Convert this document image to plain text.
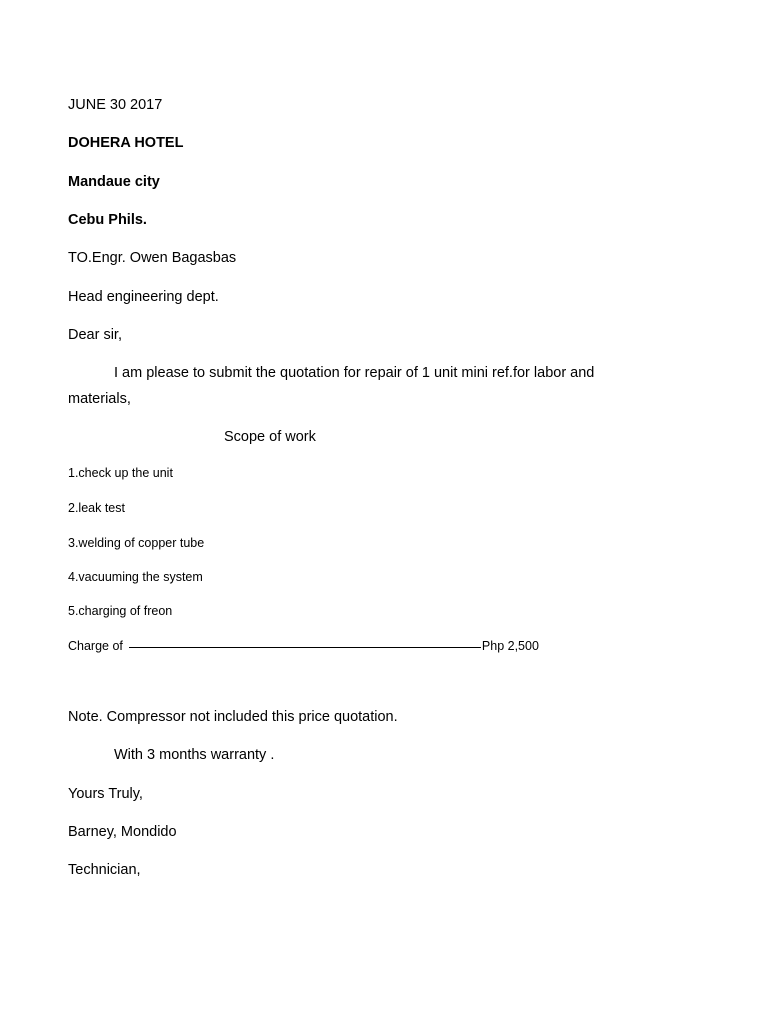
JUNE 30 2017
DOHERA HOTEL
Mandaue city
Cebu Phils.
TO.Engr. Owen Bagasbas
Head engineering dept.
Dear sir,
I am please to submit the quotation for repair of 1 unit mini ref.for labor and
materials,
Scope of work
1.check up the unit
2.leak test
3.welding of copper tube
4.vacuuming the system
5.charging of freon
Charge of	Php 2,500
Note. Compressor not included this price quotation.
With 3 months warranty .
Yours Truly,
Barney, Mondido
Technician,
